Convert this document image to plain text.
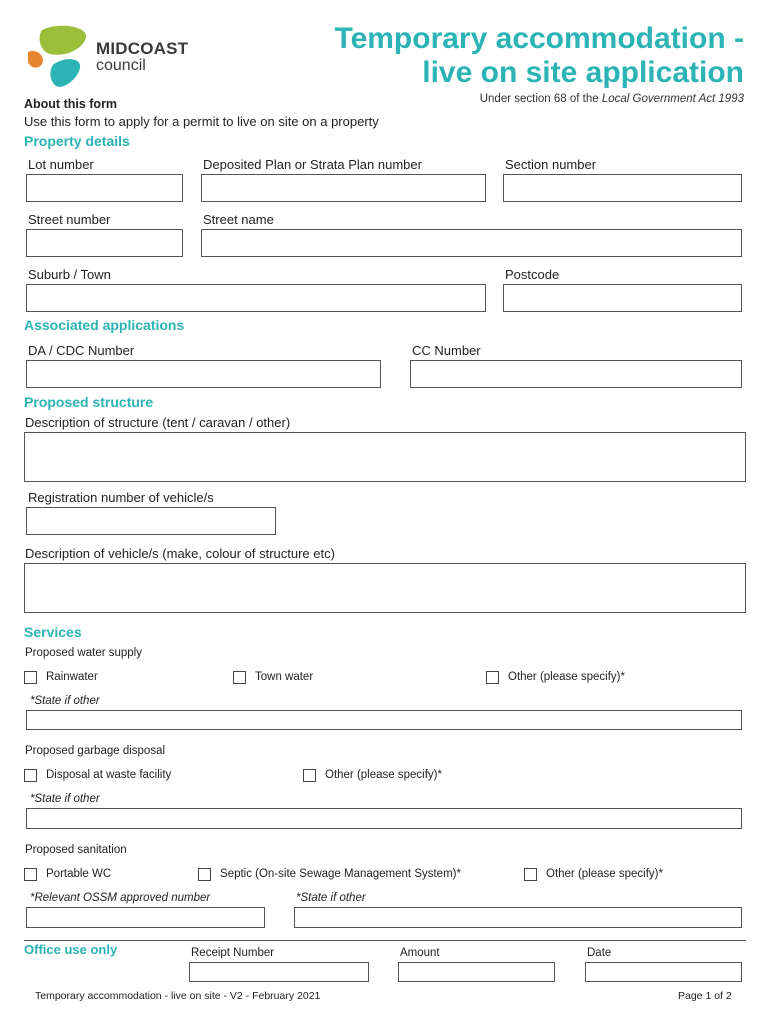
MIDCOAST
council
Temporary accommodation -
live on site application
Under section 68 of the Local Government Act 1993
About this form
Use this form to apply for a permit to live on site on a property
Property details
Lot number	Deposited Plan or Strata Plan number	Section number
Street number	Street name
Suburb / Town	Postcode
Associated applications
DA / CDC Number	CC Number
Proposed structure
Description of structure (tent / caravan / other)
Registration number of vehicle/s
Description of vehicle/s (make, colour of structure etc)
Services
Proposed water supply
Rainwater	Town water	Other (please specify)*
*State if other
Proposed garbage disposal
Disposal at waste facility	Other (please specify)*
*State if other
Proposed sanitation
Portable WC	Septic (On-site Sewage Management System)*	Other (please specify)*
*Relevant OSSM approved number	*State if other
Office use only	Receipt Number	Amount	Date
Temporary accommodation - live on site - V2 - February 2021	Page 1 of 2
